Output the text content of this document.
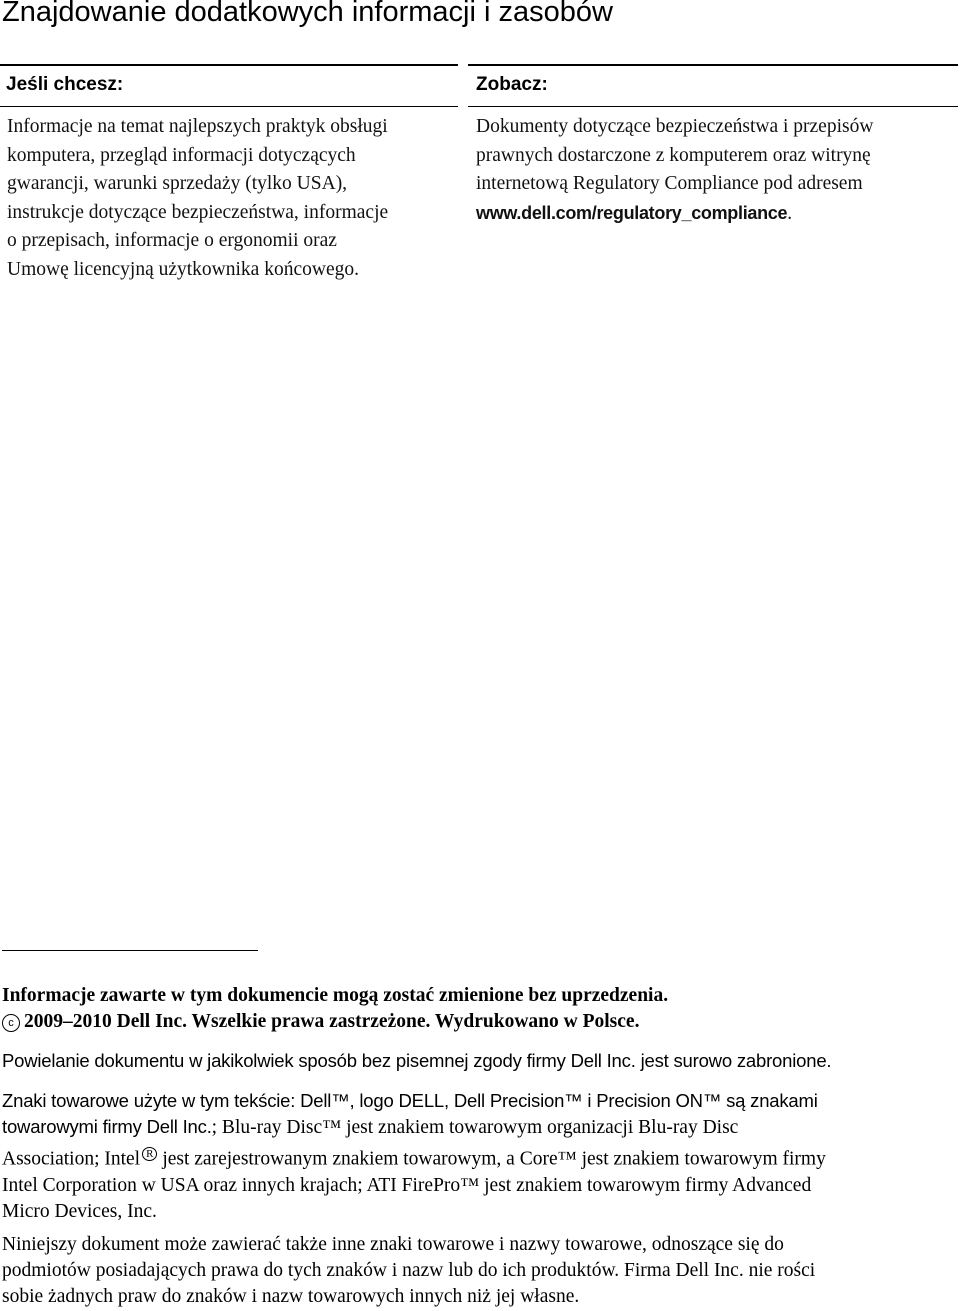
Znajdowanie dodatkowych informacji i zasobów
Jeśli chcesz:	Zobacz:
Informacje na temat najlepszych praktyk obsługi
komputera, przegląd informacji dotyczących
gwarancji, warunki sprzedaży (tylko USA),
instrukcje dotyczące bezpieczeństwa, informacje
o przepisach, informacje o ergonomii oraz
Umowę licencyjną użytkownika końcowego.
Dokumenty dotyczące bezpieczeństwa i przepisów
prawnych dostarczone z komputerem oraz witrynę
internetową Regulatory Compliance pod adresem
www.dell.com/regulatory_compliance.
Informacje zawarte w tym dokumencie mogą zostać zmienione bez uprzedzenia.
c 2009–2010 Dell Inc. Wszelkie prawa zastrzeżone. Wydrukowano w Polsce.
Powielanie dokumentu w jakikolwiek sposób bez pisemnej zgody firmy Dell Inc. jest surowo zabronione.
Znaki towarowe użyte w tym tekście: Dell™, logo DELL, Dell Precision™ i Precision ON™ są znakami
towarowymi firmy Dell Inc.; Blu-ray Disc™ jest znakiem towarowym organizacji Blu-ray Disc
Association; Intel $^R$ jest zarejestrowanym znakiem towarowym, a Core™ jest znakiem towarowym firmy
Intel Corporation w USA oraz innych krajach; ATI FirePro™ jest znakiem towarowym firmy Advanced
Micro Devices, Inc.
Niniejszy dokument może zawierać także inne znaki towarowe i nazwy towarowe, odnoszące się do
podmiotów posiadających prawa do tych znaków i nazw lub do ich produktów. Firma Dell Inc. nie rości
sobie żadnych praw do znaków i nazw towarowych innych niż jej własne.
